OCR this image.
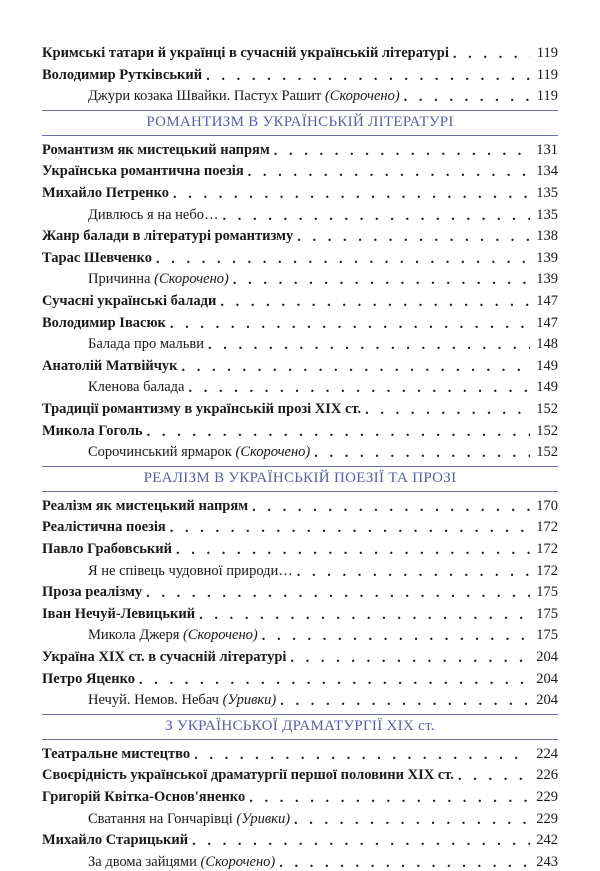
Кримські татари й українці в сучасній українській літературі . . .	119
Володимир Рутківський . . .	119
Джури козака Швайки. Пастух Рашит (Скорочено) . . .	119
РОМАНТИЗМ В УКРАЇНСЬКІЙ ЛІТЕРАТУРІ
Романтизм як мистецький напрям . . .	131
Українська романтична поезія . . .	134
Михайло Петренко . . .	135
Дивлюсь я на небо… . . .	135
Жанр балади в літературі романтизму . . .	138
Тарас Шевченко . . .	139
Причинна (Скорочено) . . .	139
Сучасні українські балади . . .	147
Володимир Івасюк . . .	147
Балада про мальви . . .	148
Анатолій Матвійчук . . .	149
Кленова балада . . .	149
Традиції романтизму в українській прозі XIX ст. . . .	152
Микола Гоголь . . .	152
Сорочинський ярмарок (Скорочено) . . .	152
РЕАЛІЗМ В УКРАЇНСЬКІЙ ПОЕЗІЇ ТА ПРОЗІ
Реалізм як мистецький напрям . . .	170
Реалістична поезія . . .	172
Павло Грабовський . . .	172
Я не співець чудовної природи… . . .	172
Проза реалізму . . .	175
Іван Нечуй-Левицький . . .	175
Микола Джеря (Скорочено) . . .	175
Україна XIX ст. в сучасній літературі . . .	204
Петро Яценко . . .	204
Нечуй. Немов. Небач (Уривки) . . .	204
З УКРАЇНСЬКОЇ ДРАМАТУРГІЇ XIX ст.
Театральне мистецтво . . .	224
Своєрідність української драматургії першої половини XIX ст. . . .	226
Григорій Квітка-Основ'яненко . . .	229
Сватання на Гончарівці (Уривки) . . .	229
Михайло Старицький . . .	242
За двома зайцями (Скорочено) . . .	243
